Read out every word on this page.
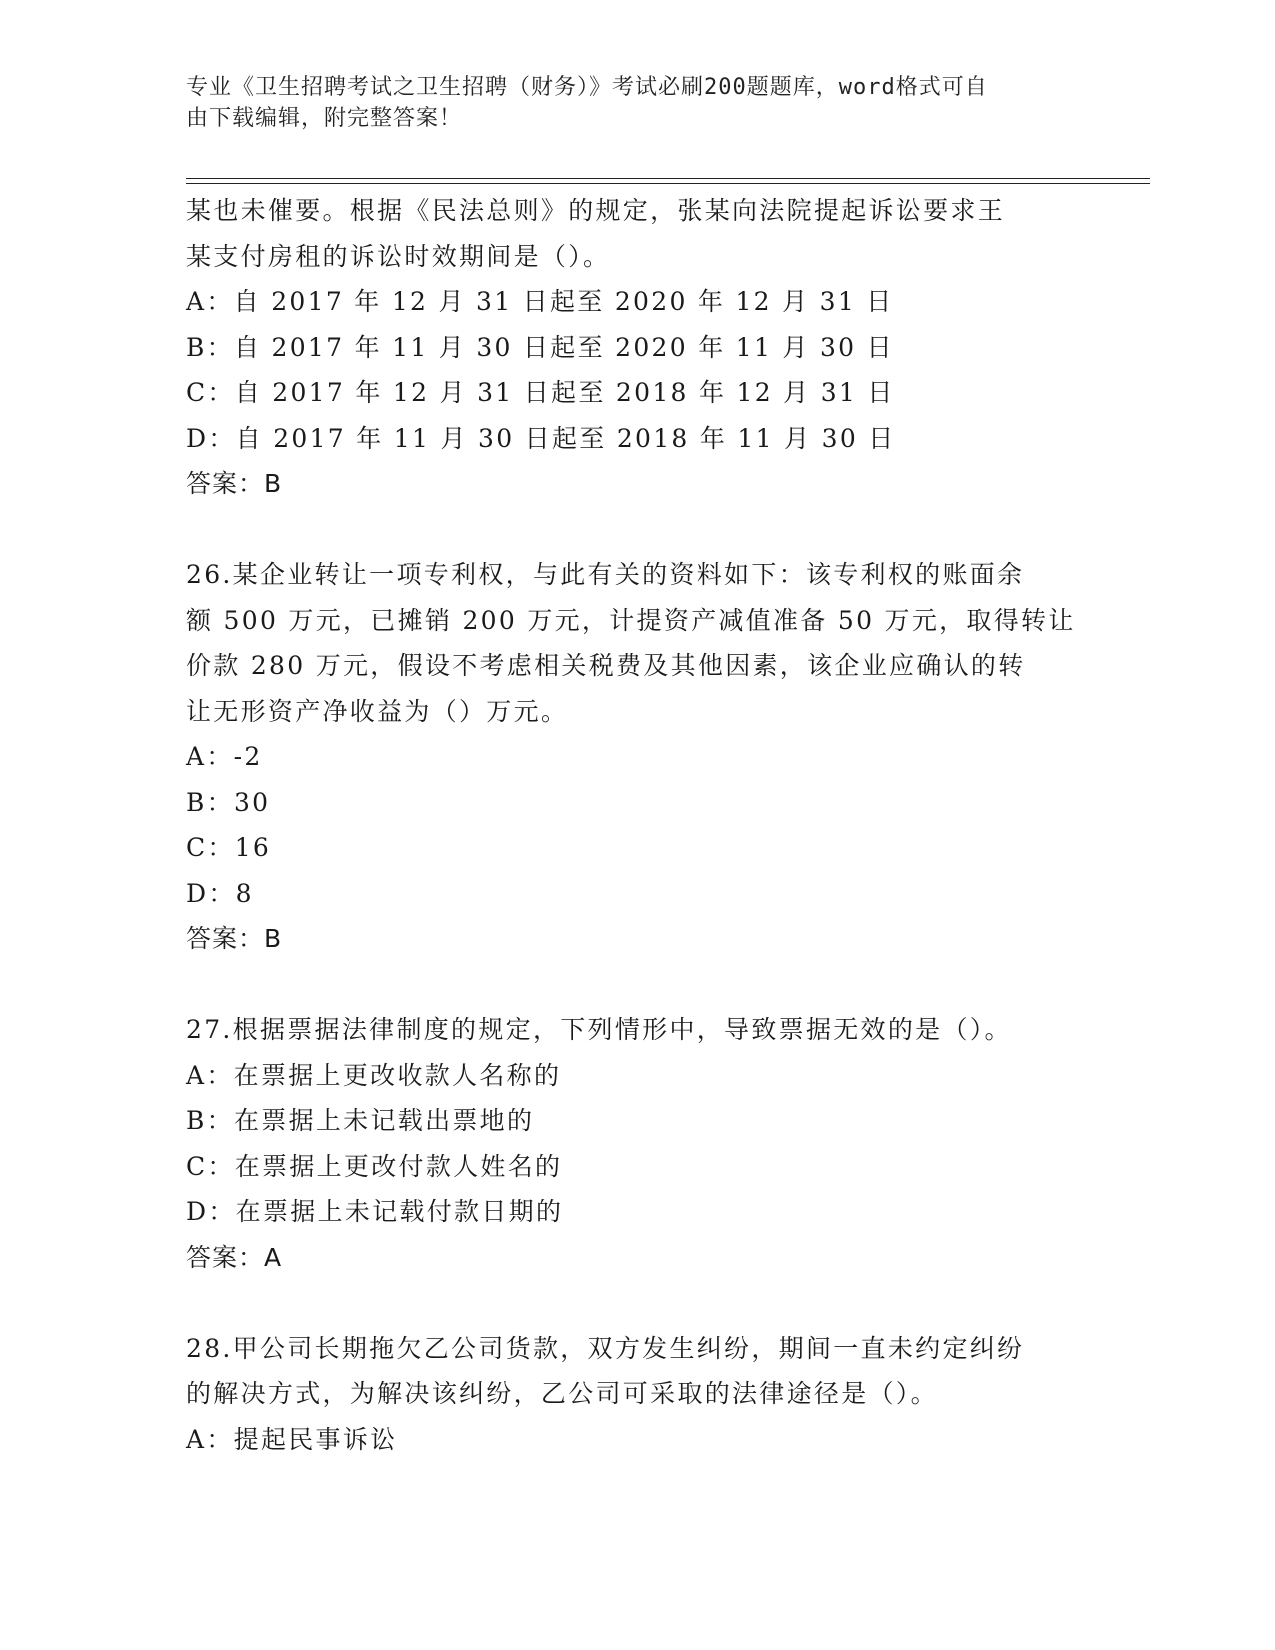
专业《卫生招聘考试之卫生招聘（财务）》考试必刷200题题库，word格式可自
由下载编辑，附完整答案！
某也未催要。根据《民法总则》的规定，张某向法院提起诉讼要求王
某支付房租的诉讼时效期间是（）。
A：自 2017 年 12 月 31 日起至 2020 年 12 月 31 日
B：自 2017 年 11 月 30 日起至 2020 年 11 月 30 日
C：自 2017 年 12 月 31 日起至 2018 年 12 月 31 日
D：自 2017 年 11 月 30 日起至 2018 年 11 月 30 日
答案：B
26.某企业转让一项专利权，与此有关的资料如下：该专利权的账面余
额 500 万元，已摊销 200 万元，计提资产减值准备 50 万元，取得转让
价款 280 万元，假设不考虑相关税费及其他因素，该企业应确认的转
让无形资产净收益为（）万元。
A：-2
B：30
C：16
D：8
答案：B
27.根据票据法律制度的规定，下列情形中，导致票据无效的是（）。
A：在票据上更改收款人名称的
B：在票据上未记载出票地的
C：在票据上更改付款人姓名的
D：在票据上未记载付款日期的
答案：A
28.甲公司长期拖欠乙公司货款，双方发生纠纷，期间一直未约定纠纷
的解决方式，为解决该纠纷，乙公司可采取的法律途径是（）。
A：提起民事诉讼
